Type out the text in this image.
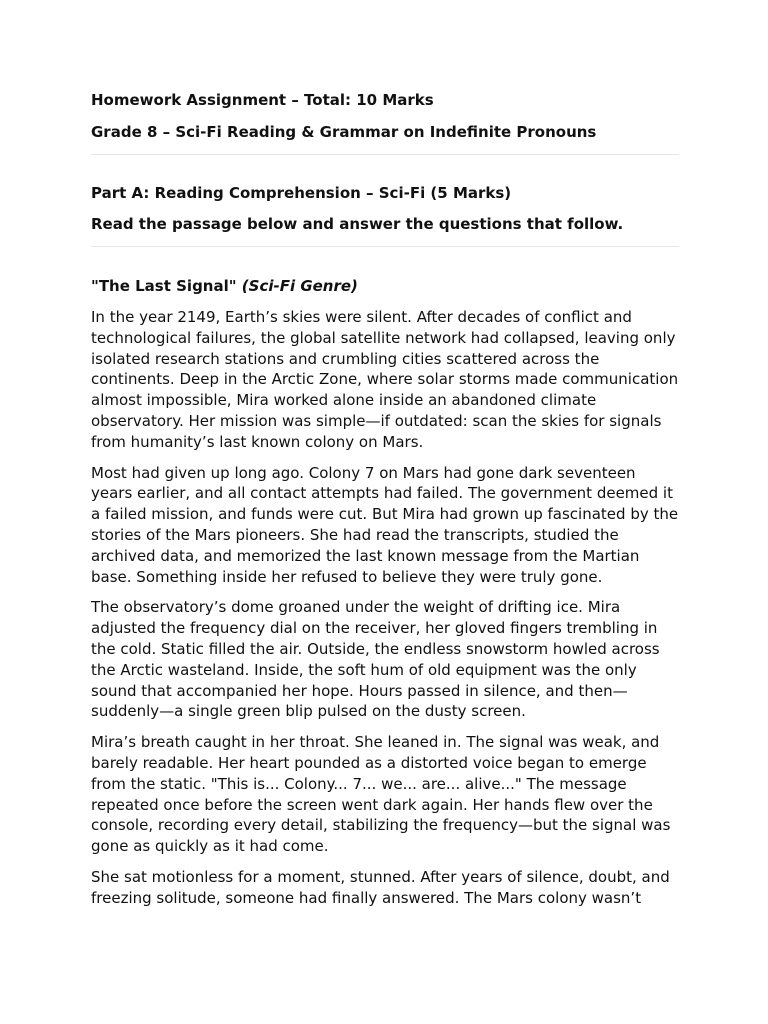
Homework Assignment – Total: 10 Marks

Grade 8 – Sci-Fi Reading & Grammar on Indefinite Pronouns

Part A: Reading Comprehension – Sci-Fi (5 Marks)

Read the passage below and answer the questions that follow.

"The Last Signal" (Sci-Fi Genre)

In the year 2149, Earth’s skies were silent. After decades of conflict and technological failures, the global satellite network had collapsed, leaving only isolated research stations and crumbling cities scattered across the continents. Deep in the Arctic Zone, where solar storms made communication almost impossible, Mira worked alone inside an abandoned climate observatory. Her mission was simple—if outdated: scan the skies for signals from humanity’s last known colony on Mars.

Most had given up long ago. Colony 7 on Mars had gone dark seventeen years earlier, and all contact attempts had failed. The government deemed it a failed mission, and funds were cut. But Mira had grown up fascinated by the stories of the Mars pioneers. She had read the transcripts, studied the archived data, and memorized the last known message from the Martian base. Something inside her refused to believe they were truly gone.

The observatory’s dome groaned under the weight of drifting ice. Mira adjusted the frequency dial on the receiver, her gloved fingers trembling in the cold. Static filled the air. Outside, the endless snowstorm howled across the Arctic wasteland. Inside, the soft hum of old equipment was the only sound that accompanied her hope. Hours passed in silence, and then—suddenly—a single green blip pulsed on the dusty screen.

Mira’s breath caught in her throat. She leaned in. The signal was weak, and barely readable. Her heart pounded as a distorted voice began to emerge from the static. "This is... Colony... 7... we... are... alive..." The message repeated once before the screen went dark again. Her hands flew over the console, recording every detail, stabilizing the frequency—but the signal was gone as quickly as it had come.

She sat motionless for a moment, stunned. After years of silence, doubt, and freezing solitude, someone had finally answered. The Mars colony wasn’t
